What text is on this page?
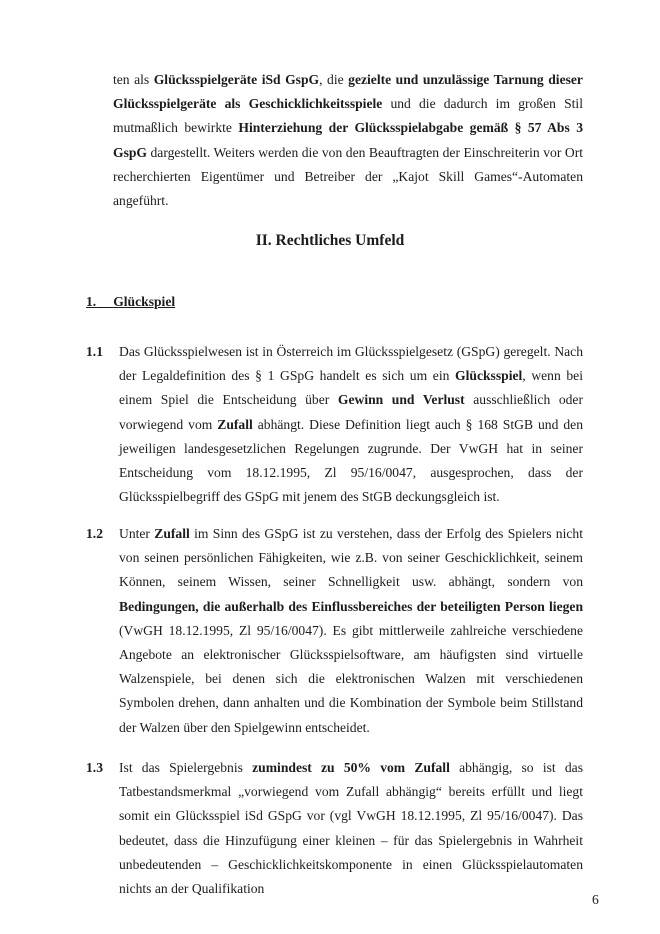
ten als Glücksspielgeräte iSd GspG, die gezielte und unzulässige Tarnung dieser Glücksspielgeräte als Geschicklichkeitsspiele und die dadurch im großen Stil mutmaßlich bewirkte Hinterziehung der Glücksspielabgabe gemäß § 57 Abs 3 GspG dargestellt. Weiters werden die von den Beauftragten der Einschreiterin vor Ort recherchierten Eigentümer und Betreiber der „Kajot Skill Games“-Automaten angeführt.

II. Rechtliches Umfeld
1. Glückspiel
1.1 Das Glücksspielwesen ist in Österreich im Glücksspielgesetz (GSpG) geregelt. Nach der Legaldefinition des § 1 GSpG handelt es sich um ein Glücksspiel, wenn bei einem Spiel die Entscheidung über Gewinn und Verlust ausschließlich oder vorwiegend vom Zufall abhängt. Diese Definition liegt auch § 168 StGB und den jeweiligen landesgesetzlichen Regelungen zugrunde. Der VwGH hat in seiner Entscheidung vom 18.12.1995, Zl 95/16/0047, ausgesprochen, dass der Glücksspielbegriff des GSpG mit jenem des StGB deckungsgleich ist.

1.2 Unter Zufall im Sinn des GSpG ist zu verstehen, dass der Erfolg des Spielers nicht von seinen persönlichen Fähigkeiten, wie z.B. von seiner Geschicklichkeit, seinem Können, seinem Wissen, seiner Schnelligkeit usw. abhängt, sondern von Bedingungen, die außerhalb des Einflussbereiches der beteiligten Person liegen (VwGH 18.12.1995, Zl 95/16/0047). Es gibt mittlerweile zahlreiche verschiedene Angebote an elektronischer Glücksspielsoftware, am häufigsten sind virtuelle Walzenspiele, bei denen sich die elektronischen Walzen mit verschiedenen Symbolen drehen, dann anhalten und die Kombination der Symbole beim Stillstand der Walzen über den Spielgewinn entscheidet.

1.3 Ist das Spielergebnis zumindest zu 50% vom Zufall abhängig, so ist das Tatbestandsmerkmal „vorwiegend vom Zufall abhängig“ bereits erfüllt und liegt somit ein Glücksspiel iSd GSpG vor (vgl VwGH 18.12.1995, Zl 95/16/0047). Das bedeutet, dass die Hinzufügung einer kleinen – für das Spielergebnis in Wahrheit unbedeutenden – Geschicklichkeitskomponente in einen Glücksspielautomaten nichts an der Qualifikation

6
